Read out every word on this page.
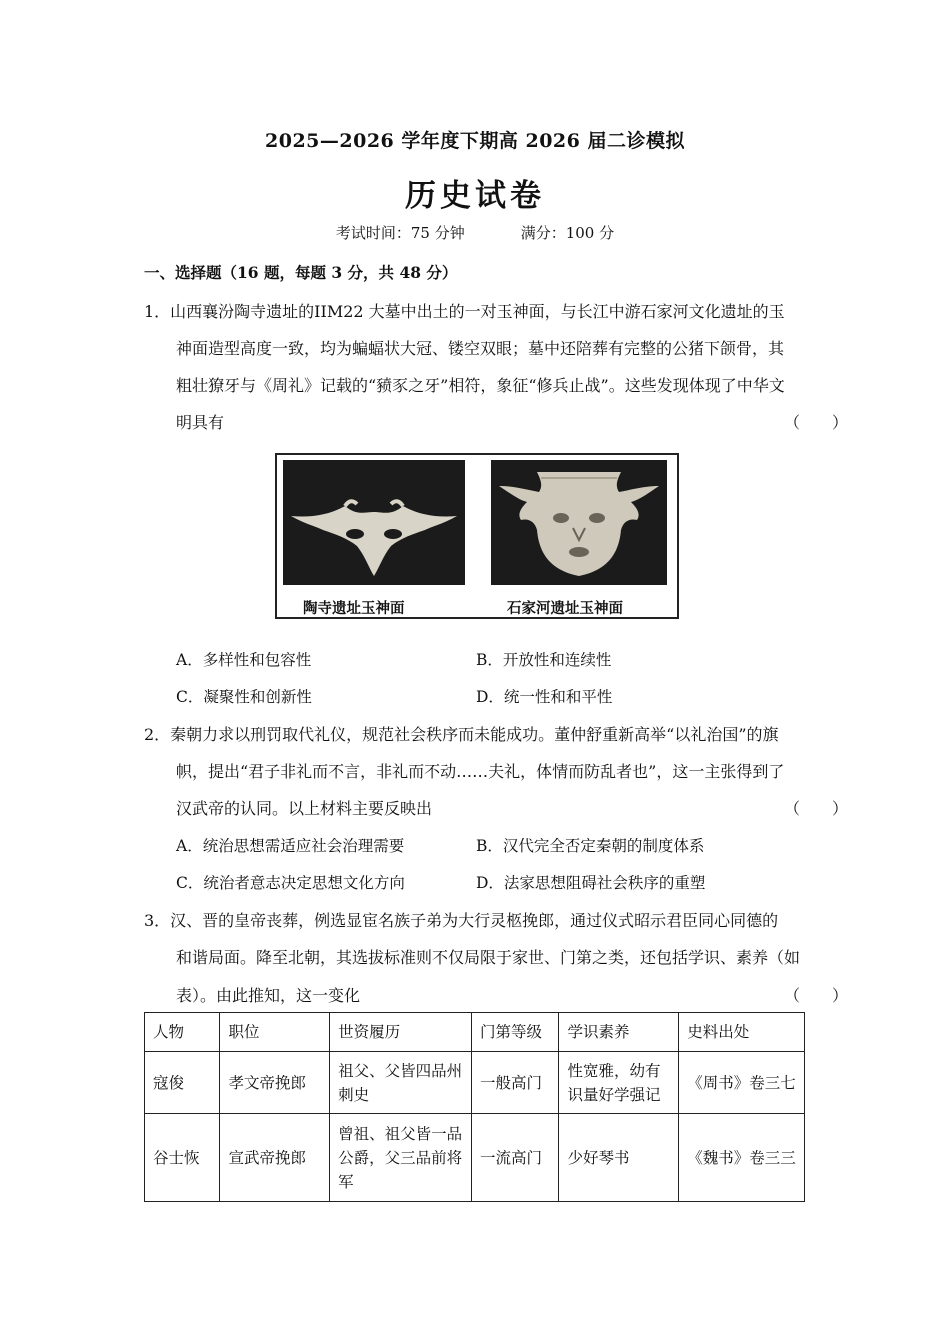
2025—2026 学年度下期高 2026 届二诊模拟
历史试卷
考试时间：75 分钟	满分：100 分
一、选择题（16 题，每题 3 分，共 48 分）
1．山西襄汾陶寺遗址的IIM22 大墓中出土的一对玉神面，与长江中游石家河文化遗址的玉
神面造型高度一致，均为蝙蝠状大冠、镂空双眼；墓中还陪葬有完整的公猪下颌骨，其
粗壮獠牙与《周礼》记载的“豮豕之牙”相符，象征“修兵止战”。这些发现体现了中华文
明具有	（　　）
陶寺遗址玉神面	石家河遗址玉神面
A．多样性和包容性	B．开放性和连续性
C．凝聚性和创新性	D．统一性和和平性
2．秦朝力求以刑罚取代礼仪，规范社会秩序而未能成功。董仲舒重新高举“以礼治国”的旗
帜，提出“君子非礼而不言，非礼而不动……夫礼，体情而防乱者也”，这一主张得到了
汉武帝的认同。以上材料主要反映出	（　　）
A．统治思想需适应社会治理需要	B．汉代完全否定秦朝的制度体系
C．统治者意志决定思想文化方向	D．法家思想阻碍社会秩序的重塑
3．汉、晋的皇帝丧葬，例选显宦名族子弟为大行灵柩挽郎，通过仪式昭示君臣同心同德的
和谐局面。降至北朝，其选拔标准则不仅局限于家世、门第之类，还包括学识、素养（如
表）。由此推知，这一变化	（　　）
人物	职位	世资履历	门第等级	学识素养	史料出处
寇俊	孝文帝挽郎	祖父、父皆四品州刺史	一般高门	性宽雅，幼有识量好学强记	《周书》卷三七
谷士恢	宣武帝挽郎	曾祖、祖父皆一品公爵，父三品前将军	一流高门	少好琴书	《魏书》卷三三
